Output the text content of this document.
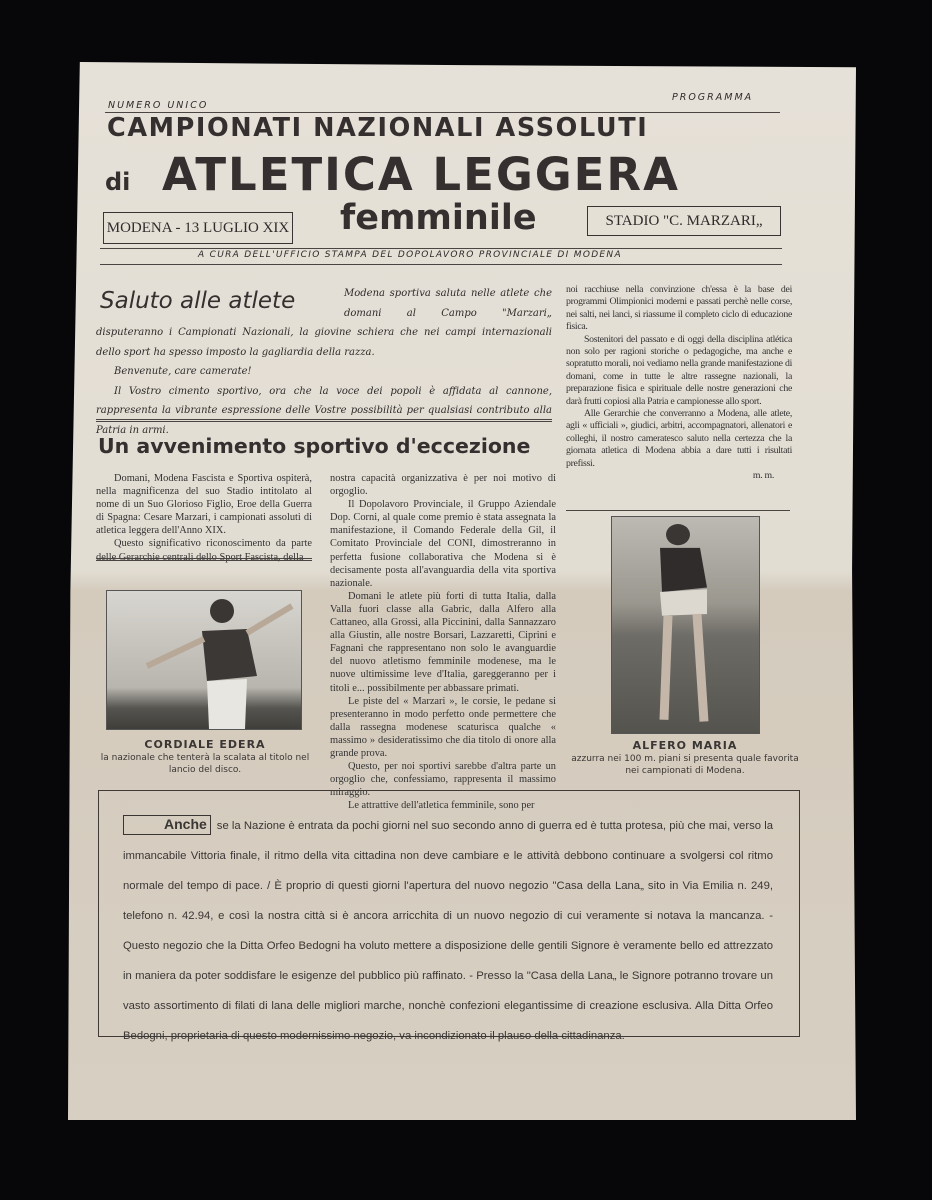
NUMERO UNICO
PROGRAMMA
CAMPIONATI NAZIONALI ASSOLUTI
di ATLETICA LEGGERA
MODENA - 13 LUGLIO XIX femminile	STADIO "C. MARZARI„
A CURA DELL'UFFICIO STAMPA DEL DOPOLAVORO PROVINCIALE DI MODENA
Saluto alle atlete	Modena sportiva saluta nelle atlete che domani al Campo "Marzari„ disputeranno i Campionati Nazionali, la giovine schiera che nei campi internazionali dello sport ha spesso imposto la gagliardia della razza.

Benvenute, care camerate!

Il Vostro cimento sportivo, ora che la voce dei popoli è affidata al cannone, rappresenta la vibrante espressione delle Vostre possibilità per qualsiasi contributo alla Patria in armi.

noi racchiuse nella convinzione ch'essa è la base dei programmi Olimpionici moderni e passati perchè nelle corse, nei salti, nei lanci, si riassume il completo ciclo di educazione fisica.

Sostenitori del passato e di oggi della disciplina atlética non solo per ragioni storiche o pedagogiche, ma anche e sopratutto morali, noi vediamo nella grande manifestazione di domani, come in tutte le altre rassegne nazionali, la preparazione fisica e spirituale delle nostre generazioni che darà frutti copiosi alla Patria e campionesse allo sport.

Alle Gerarchie che converranno a Modena, alle atlete, agli « ufficiali », giudici, arbitri, accompagnatori, allenatori e colleghi, il nostro cameratesco saluto nella certezza che la giornata atletica di Modena abbia a dare tutti i risultati prefissi.

m. m.
Un avvenimento sportivo d'eccezione

Domani, Modena Fascista e Sportiva ospiterà, nella magnificenza del suo Stadio intitolato al nome di un Suo Glorioso Figlio, Eroe della Guerra di Spagna: Cesare Marzari, i campionati assoluti di atletica leggera dell'Anno XIX.

Questo significativo riconoscimento da parte delle Gerarchie centrali dello Sport Fascista, della

nostra capacità organizzativa è per noi motivo di orgoglio.

Il Dopolavoro Provinciale, il Gruppo Aziendale Dop. Corni, al quale come premio è stata assegnata la manifestazione, il Comando Federale della Gil, il Comitato Provinciale del CONI, dimostreranno in perfetta fusione collaborativa che Modena si è decisamente posta all'avanguardia della vita sportiva nazionale.

Domani le atlete più forti di tutta Italia, dalla Valla fuori classe alla Gabric, dalla Alfero alla Cattaneo, alla Grossi, alla Piccinini, dalla Sannazzaro alla Giustin, alle nostre Borsari, Lazzaretti, Ciprini e Fagnani che rappresentano non solo le avanguardie del nuovo atletismo femminile modenese, ma le nuove ultimissime leve d'Italia, gareggeranno per i titoli e... possibilmente per abbassare primati.

Le piste del « Marzari », le corsie, le pedane si presenteranno in modo perfetto onde permettere che dalla rassegna modenese scaturisca qualche « massimo » desideratissimo che dia titolo di onore alla grande prova.

Questo, per noi sportivi sarebbe d'altra parte un orgoglio che, confessiamo, rappresenta il massimo miraggio.

Le attrattive dell'atletica femminile, sono per

CORDIALE EDERA
la nazionale che tenterà la scalata al titolo nel lancio del disco.
ALFERO MARIA
azzurra nei 100 m. piani si presenta quale favorita nei campionati di Modena.
Anche se la Nazione è entrata da pochi giorni nel suo secondo anno di guerra ed è tutta protesa, più che mai, verso la immancabile Vittoria finale, il ritmo della vita cittadina non deve cambiare e le attività debbono continuare a svolgersi col ritmo normale del tempo di pace. / È proprio di questi giorni l'apertura del nuovo negozio "Casa della Lana„ sito in Via Emilia n. 249, telefono n. 42.94, e così la nostra città si è ancora arricchita di un nuovo negozio di cui veramente si notava la mancanza. - Questo negozio che la Ditta Orfeo Bedogni ha voluto mettere a disposizione delle gentili Signore è veramente bello ed attrezzato in maniera da poter soddisfare le esigenze del pubblico più raffinato. - Presso la "Casa della Lana„ le Signore potranno trovare un vasto assortimento di filati di lana delle migliori marche, nonchè confezioni elegantissime di creazione esclusiva. Alla Ditta Orfeo Bedogni, proprietaria di questo modernissimo negozio, va incondizionato il plauso della cittadinanza.
